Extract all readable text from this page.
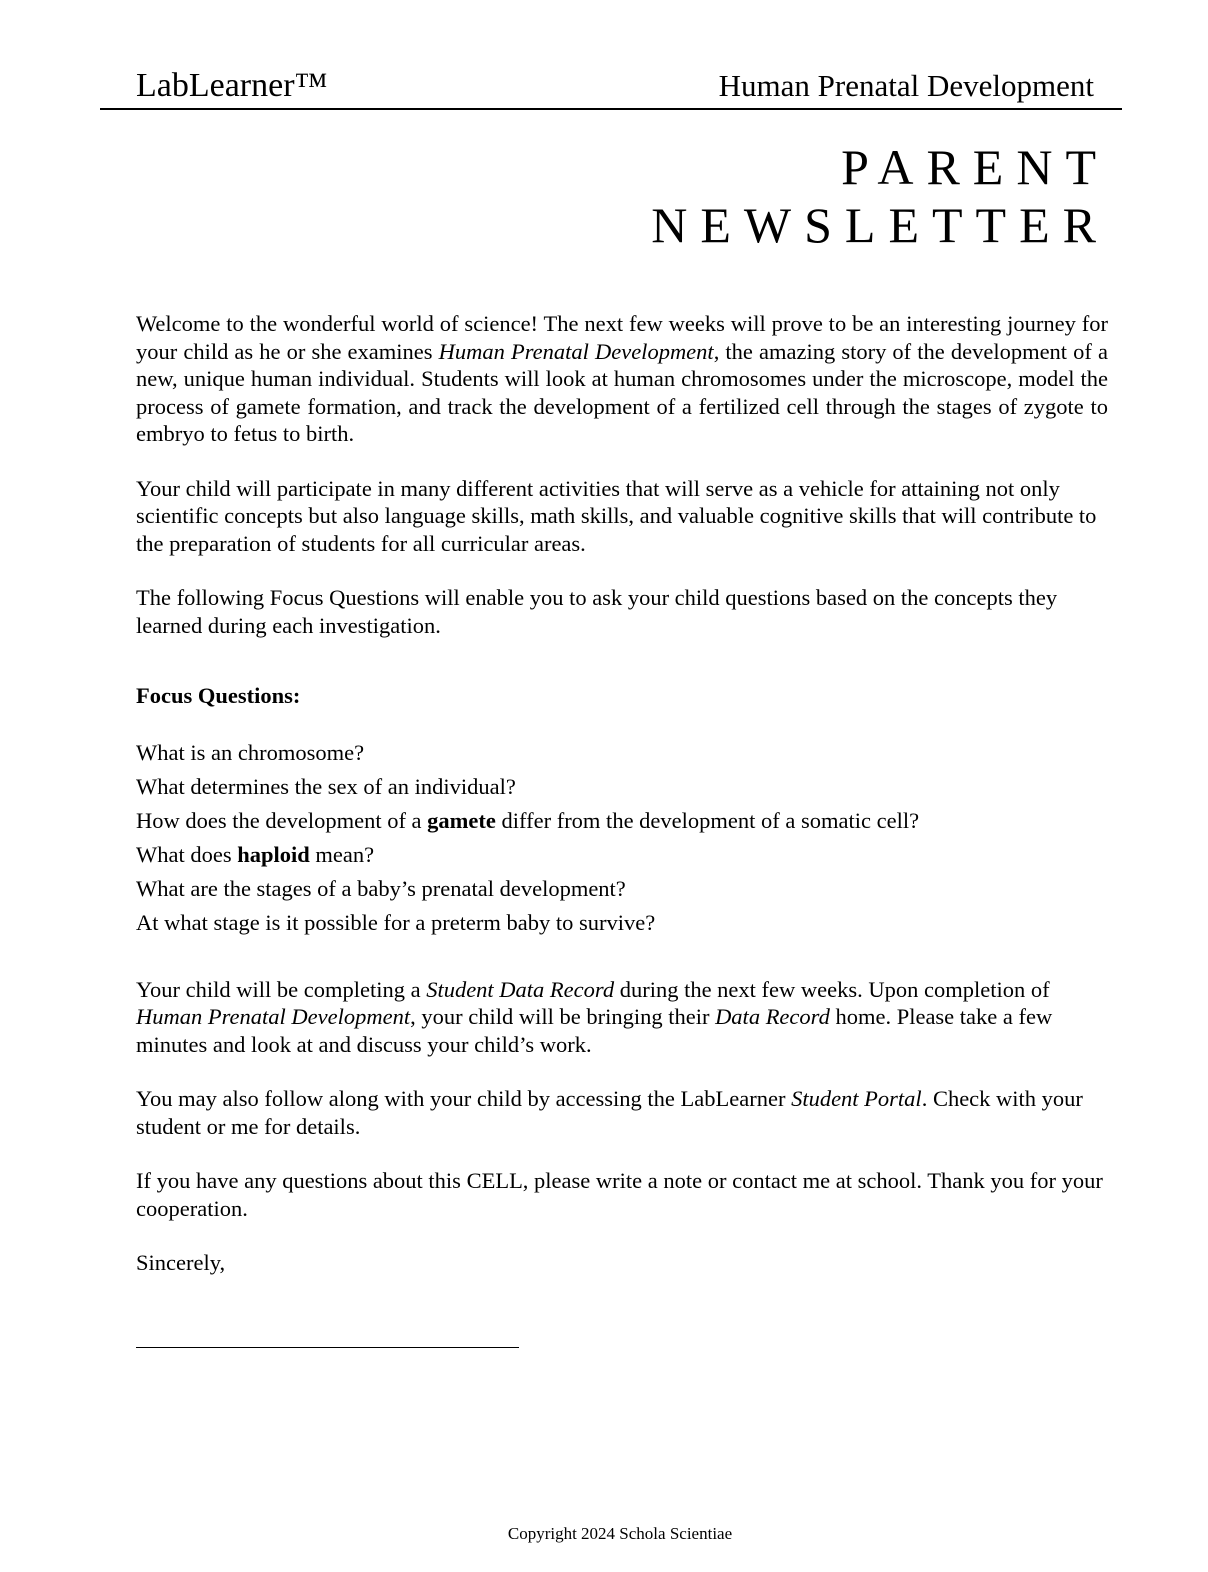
LabLearner™	Human Prenatal Development
PARENT
NEWSLETTER

Welcome to the wonderful world of science! The next few weeks will prove to be an interesting journey for your child as he or she examines Human Prenatal Development, the amazing story of the development of a new, unique human individual. Students will look at human chromosomes under the microscope, model the process of gamete formation, and track the development of a fertilized cell through the stages of zygote to embryo to fetus to birth.

Your child will participate in many different activities that will serve as a vehicle for attaining not only scientific concepts but also language skills, math skills, and valuable cognitive skills that will contribute to the preparation of students for all curricular areas.

The following Focus Questions will enable you to ask your child questions based on the concepts they learned during each investigation.

Focus Questions:
What is an chromosome?
What determines the sex of an individual?
How does the development of a gamete differ from the development of a somatic cell?
What does haploid mean?
What are the stages of a baby’s prenatal development?
At what stage is it possible for a preterm baby to survive?

Your child will be completing a Student Data Record during the next few weeks. Upon completion of Human Prenatal Development, your child will be bringing their Data Record home. Please take a few minutes and look at and discuss your child’s work.

You may also follow along with your child by accessing the LabLearner Student Portal. Check with your student or me for details.

If you have any questions about this CELL, please write a note or contact me at school. Thank you for your cooperation.

Sincerely,

Copyright 2024 Schola Scientiae
